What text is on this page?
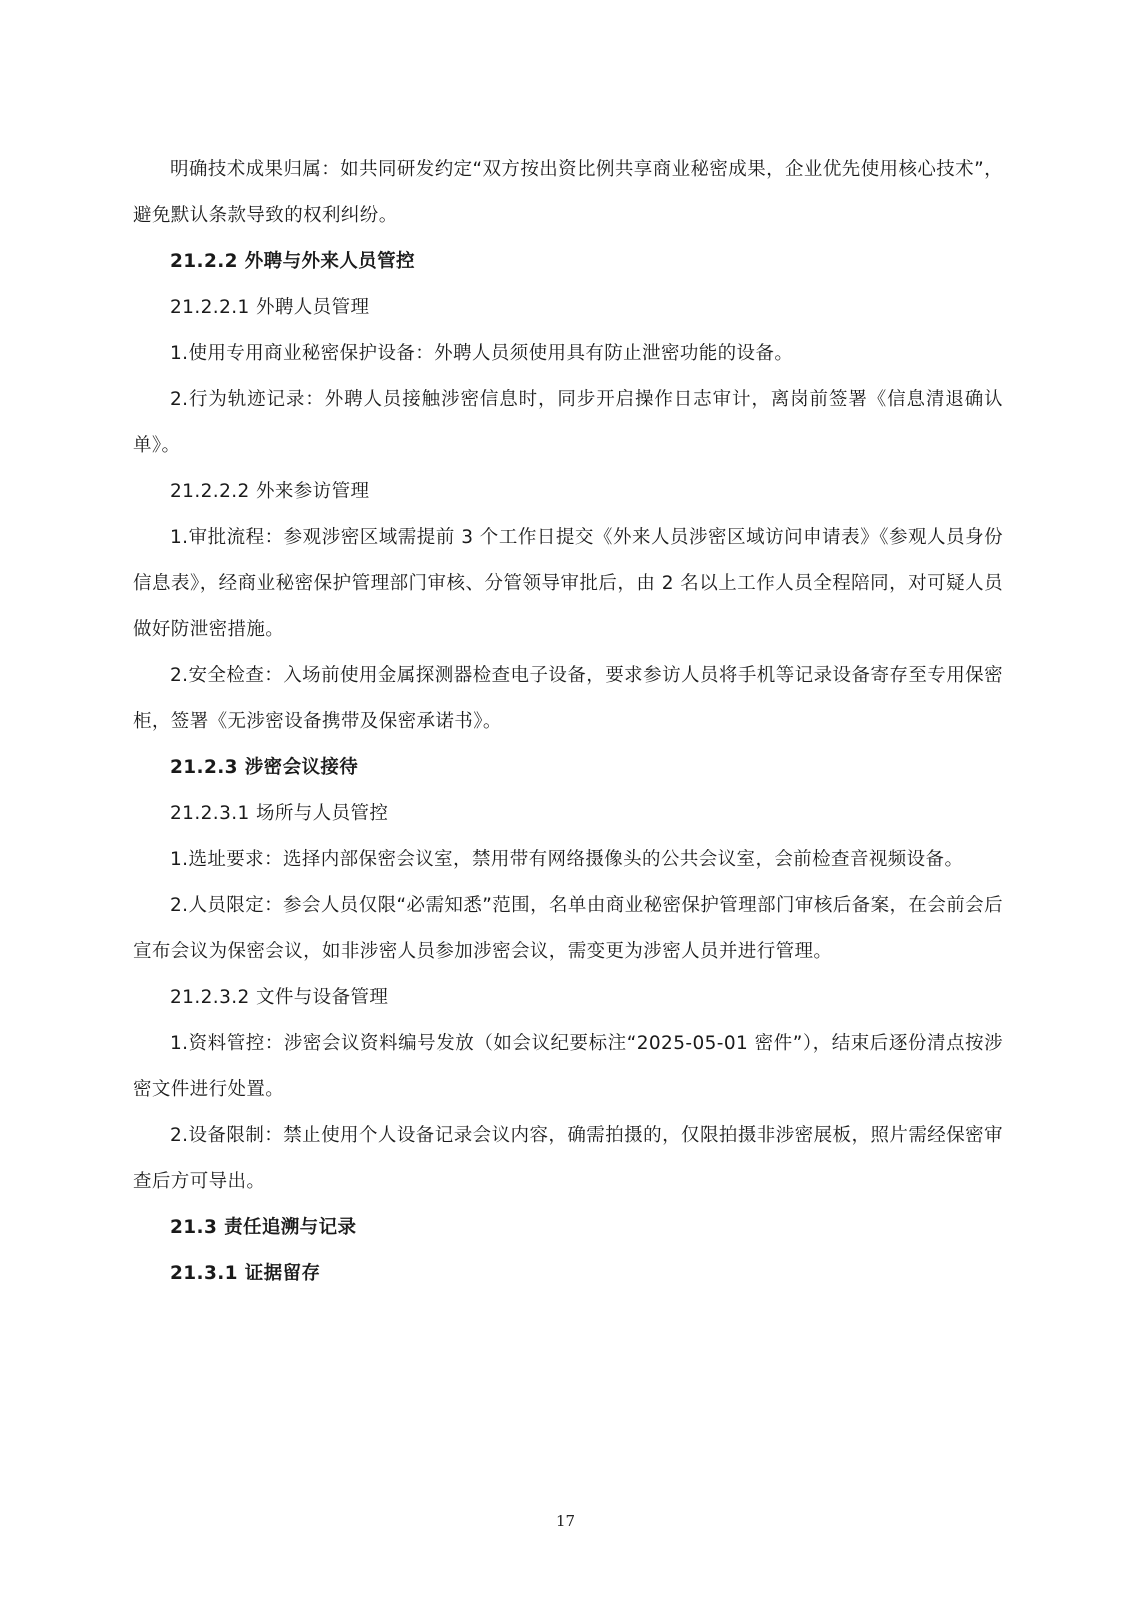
明确技术成果归属：如共同研发约定“双方按出资比例共享商业秘密成果，企业优先使用核心技术”，避免默认条款导致的权利纠纷。

21.2.2 外聘与外来人员管控

21.2.2.1 外聘人员管理

1.使用专用商业秘密保护设备：外聘人员须使用具有防止泄密功能的设备。

2.行为轨迹记录：外聘人员接触涉密信息时，同步开启操作日志审计，离岗前签署《信息清退确认单》。

21.2.2.2 外来参访管理

1.审批流程：参观涉密区域需提前 3 个工作日提交《外来人员涉密区域访问申请表》《参观人员身份信息表》，经商业秘密保护管理部门审核、分管领导审批后，由 2 名以上工作人员全程陪同，对可疑人员做好防泄密措施。

2.安全检查：入场前使用金属探测器检查电子设备，要求参访人员将手机等记录设备寄存至专用保密柜，签署《无涉密设备携带及保密承诺书》。

21.2.3 涉密会议接待

21.2.3.1 场所与人员管控

1.选址要求：选择内部保密会议室，禁用带有网络摄像头的公共会议室，会前检查音视频设备。

2.人员限定：参会人员仅限“必需知悉”范围，名单由商业秘密保护管理部门审核后备案，在会前会后宣布会议为保密会议，如非涉密人员参加涉密会议，需变更为涉密人员并进行管理。

21.2.3.2 文件与设备管理

1.资料管控：涉密会议资料编号发放（如会议纪要标注“2025-05-01 密件”），结束后逐份清点按涉密文件进行处置。

2.设备限制：禁止使用个人设备记录会议内容，确需拍摄的，仅限拍摄非涉密展板，照片需经保密审查后方可导出。

21.3 责任追溯与记录

21.3.1 证据留存

17
